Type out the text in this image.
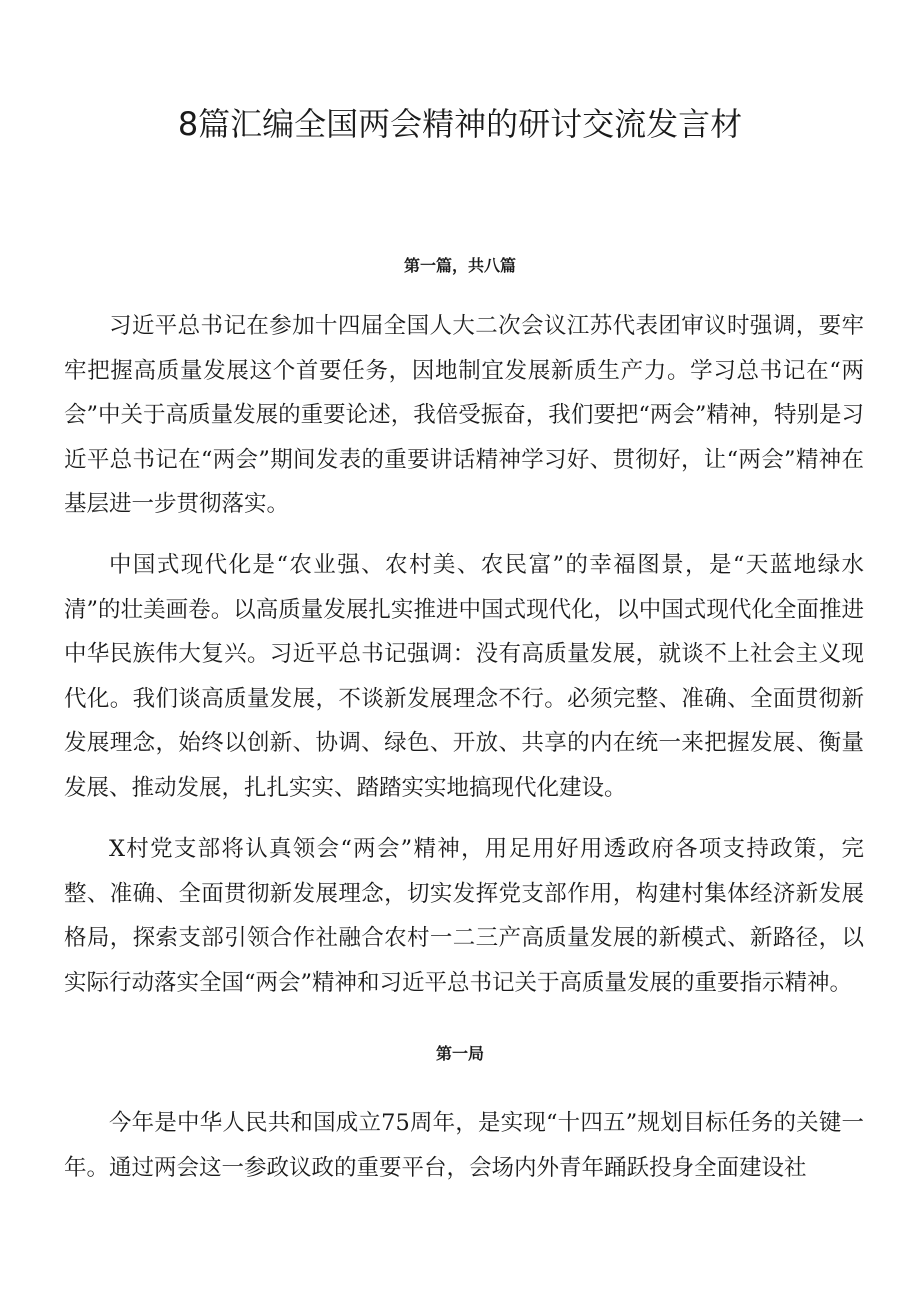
8篇汇编全国两会精神的研讨交流发言材
第一篇，共八篇

习近平总书记在参加十四届全国人大二次会议江苏代表团审议时强调，要牢牢把握高质量发展这个首要任务，因地制宜发展新质生产力。学习总书记在“两会”中关于高质量发展的重要论述，我倍受振奋，我们要把“两会”精神，特别是习近平总书记在“两会”期间发表的重要讲话精神学习好、贯彻好，让“两会”精神在基层进一步贯彻落实。

中国式现代化是“农业强、农村美、农民富”的幸福图景，是“天蓝地绿水清”的壮美画卷。以高质量发展扎实推进中国式现代化，以中国式现代化全面推进中华民族伟大复兴。习近平总书记强调：没有高质量发展，就谈不上社会主义现代化。我们谈高质量发展，不谈新发展理念不行。必须完整、准确、全面贯彻新发展理念，始终以创新、协调、绿色、开放、共享的内在统一来把握发展、衡量发展、推动发展，扎扎实实、踏踏实实地搞现代化建设。

X村党支部将认真领会“两会”精神，用足用好用透政府各项支持政策，完整、准确、全面贯彻新发展理念，切实发挥党支部作用，构建村集体经济新发展格局，探索支部引领合作社融合农村一二三产高质量发展的新模式、新路径，以实际行动落实全国“两会”精神和习近平总书记关于高质量发展的重要指示精神。

第一局

今年是中华人民共和国成立75周年，是实现“十四五”规划目标任务的关键一年。通过两会这一参政议政的重要平台，会场内外青年踊跃投身全面建设社
